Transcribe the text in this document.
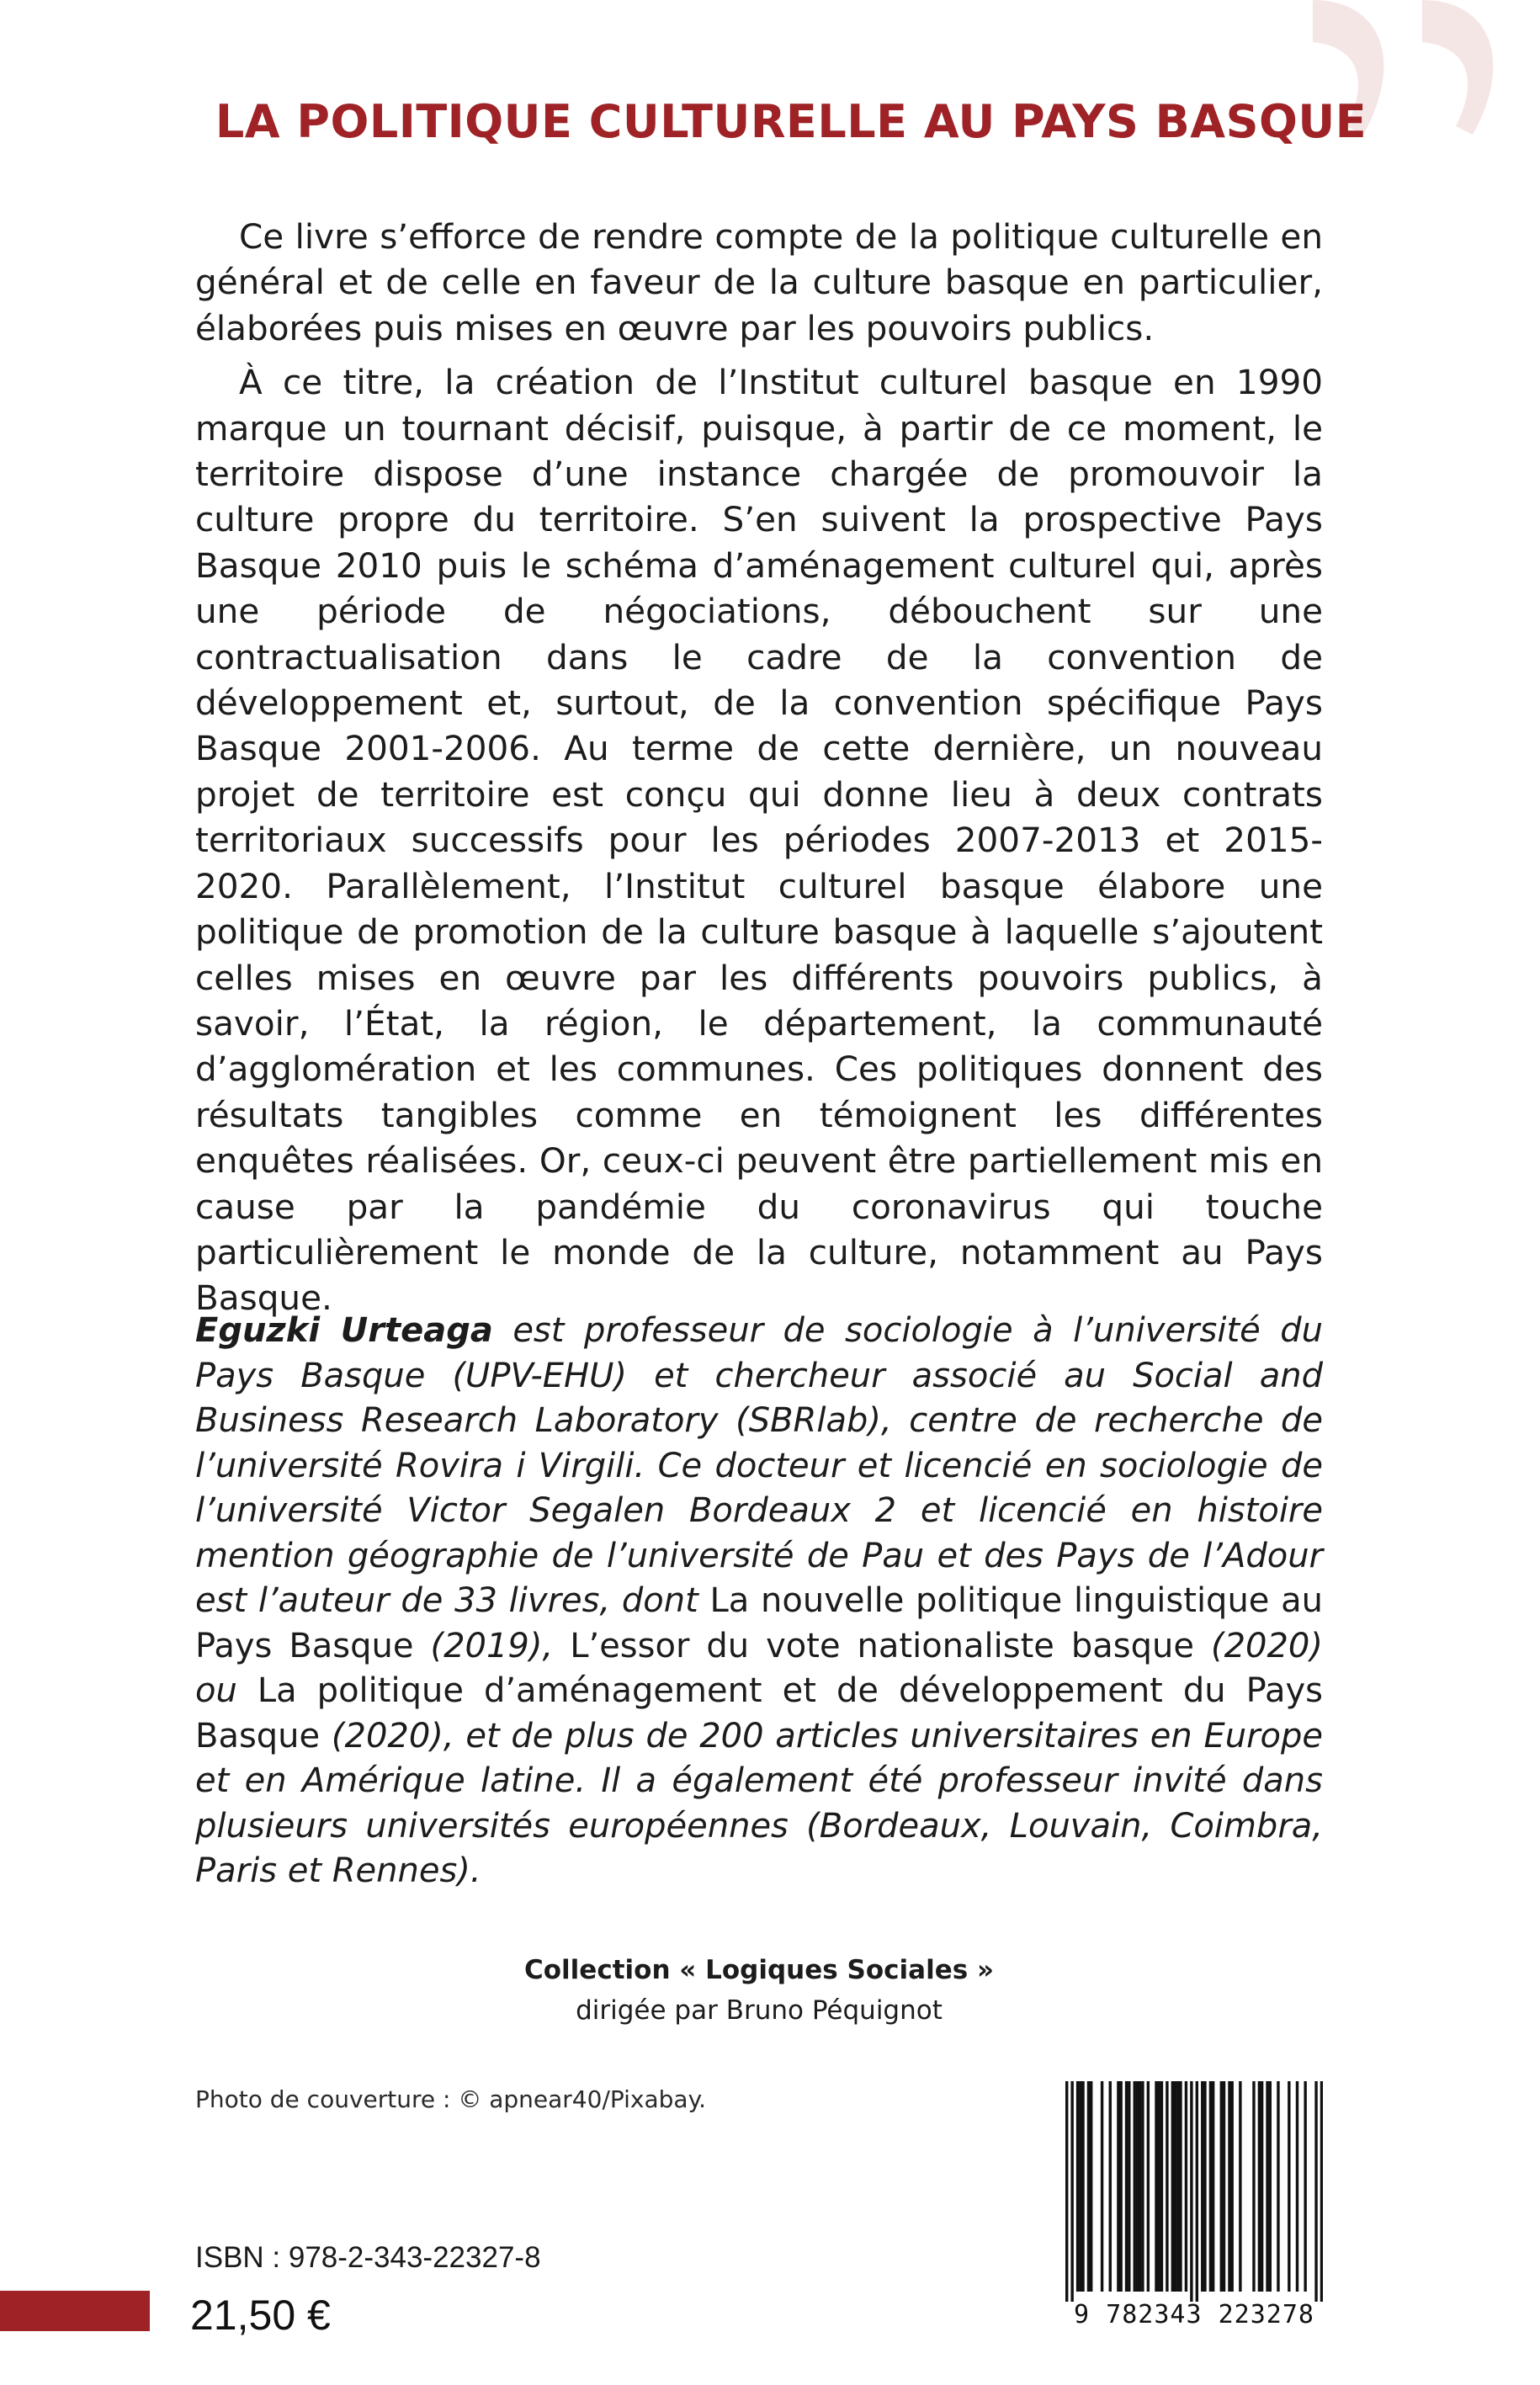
LA POLITIQUE CULTURELLE AU PAYS BASQUE

Ce livre s’efforce de rendre compte de la politique culturelle en général et de celle en faveur de la culture basque en particulier, élaborées puis mises en œuvre par les pouvoirs publics.

À ce titre, la création de l’Institut culturel basque en 1990 marque un tournant décisif, puisque, à partir de ce moment, le territoire dispose d’une instance chargée de promouvoir la culture propre du territoire. S’en suivent la prospective Pays Basque 2010 puis le schéma d’aménagement culturel qui, après une période de négociations, débouchent sur une contractualisation dans le cadre de la convention de développement et, surtout, de la convention spécifique Pays Basque 2001-2006. Au terme de cette dernière, un nouveau projet de territoire est conçu qui donne lieu à deux contrats territoriaux successifs pour les périodes 2007-2013 et 2015-2020. Parallèlement, l’Institut culturel basque élabore une politique de promotion de la culture basque à laquelle s’ajoutent celles mises en œuvre par les différents pouvoirs publics, à savoir, l’État, la région, le département, la communauté d’agglomération et les communes. Ces politiques donnent des résultats tangibles comme en témoignent les différentes enquêtes réalisées. Or, ceux-ci peuvent être partiellement mis en cause par la pandémie du coronavirus qui touche particulièrement le monde de la culture, notamment au Pays Basque.

Eguzki Urteaga est professeur de sociologie à l’université du Pays Basque (UPV-EHU) et chercheur associé au Social and Business Research Laboratory (SBRlab), centre de recherche de l’université Rovira i Virgili. Ce docteur et licencié en sociologie de l’université Victor Segalen Bordeaux 2 et licencié en histoire mention géographie de l’université de Pau et des Pays de l’Adour est l’auteur de 33 livres, dont La nouvelle politique linguistique au Pays Basque (2019), L’essor du vote nationaliste basque (2020) ou La politique d’aménagement et de développement du Pays Basque (2020), et de plus de 200 articles universitaires en Europe et en Amérique latine. Il a également été professeur invité dans plusieurs universités européennes (Bordeaux, Louvain, Coimbra, Paris et Rennes).

Collection « Logiques Sociales »
dirigée par Bruno Péquignot

Photo de couverture : © apnear40/Pixabay.

ISBN : 978-2-343-22327-8

21,50 €	9 782343 223278
